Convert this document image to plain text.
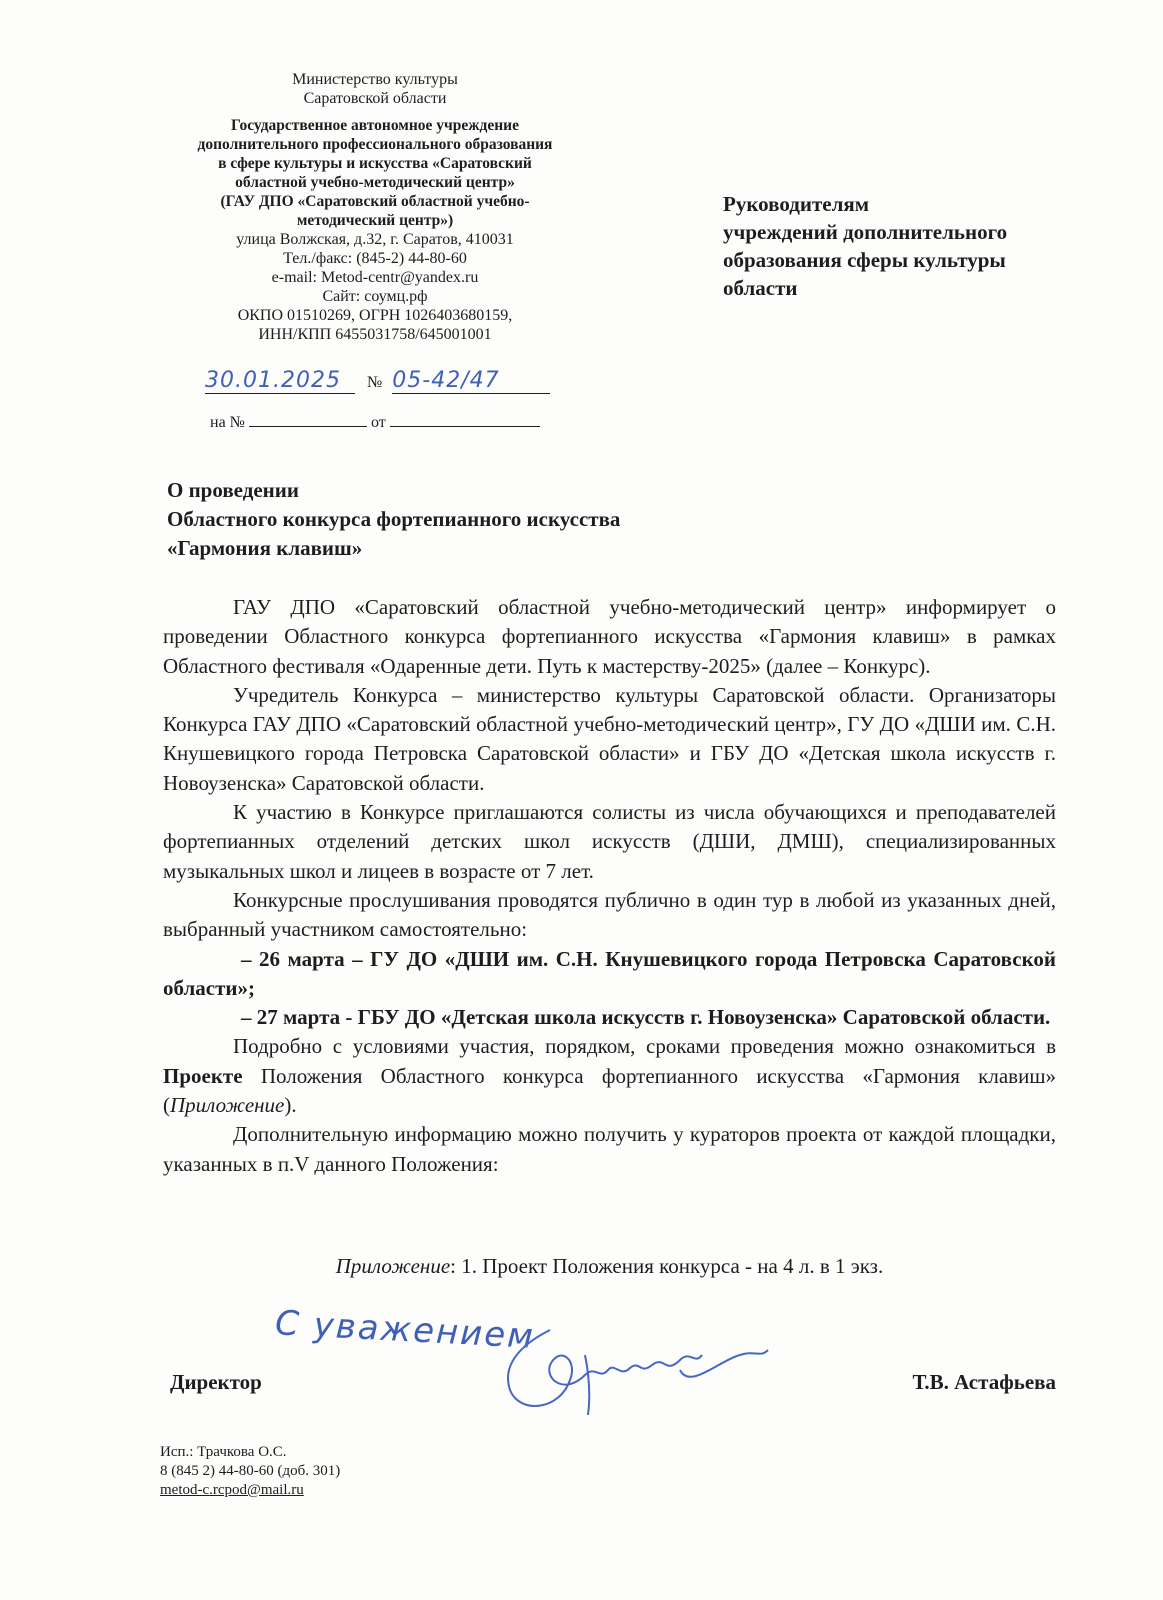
Министерство культуры
Саратовской области
Государственное автономное учреждение
дополнительного профессионального образования
в сфере культуры и искусства «Саратовский
областной учебно-методический центр»
(ГАУ ДПО «Саратовский областной учебно-
методический центр»)
улица Волжская, д.32, г. Саратов, 410031
Тел./факс: (845-2) 44-80-60
e-mail: Metod-centr@yandex.ru
Сайт: соумц.рф
ОКПО 01510269, ОГРН 1026403680159,
ИНН/КПП 6455031758/645001001
30.01.2025 № 05-42/47
на №	от
Руководителям
учреждений дополнительного
образования сферы культуры
области
О проведении
Областного конкурса фортепианного искусства
«Гармония клавиш»

ГАУ ДПО «Саратовский областной учебно-методический центр» информирует о проведении Областного конкурса фортепианного искусства «Гармония клавиш» в рамках Областного фестиваля «Одаренные дети. Путь к мастерству-2025» (далее – Конкурс).

Учредитель Конкурса – министерство культуры Саратовской области. Организаторы Конкурса ГАУ ДПО «Саратовский областной учебно-методический центр», ГУ ДО «ДШИ им. С.Н. Кнушевицкого города Петровска Саратовской области» и ГБУ ДО «Детская школа искусств г. Новоузенска» Саратовской области.

К участию в Конкурсе приглашаются солисты из числа обучающихся и преподавателей фортепианных отделений детских школ искусств (ДШИ, ДМШ), специализированных музыкальных школ и лицеев в возрасте от 7 лет.

Конкурсные прослушивания проводятся публично в один тур в любой из указанных дней, выбранный участником самостоятельно:

– 26 марта – ГУ ДО «ДШИ им. С.Н. Кнушевицкого города Петровска Саратовской области»;

– 27 марта - ГБУ ДО «Детская школа искусств г. Новоузенска» Саратовской области.

Подробно с условиями участия, порядком, сроками проведения можно ознакомиться в Проекте Положения Областного конкурса фортепианного искусства «Гармония клавиш» (Приложение).

Дополнительную информацию можно получить у кураторов проекта от каждой площадки, указанных в п.V данного Положения:

Приложение: 1. Проект Положения конкурса - на 4 л. в 1 экз.
С уважением
Директор	Т.В. Астафьева
Исп.: Трачкова О.С.
8 (845 2) 44-80-60 (доб. 301)
metod-c.rcpod@mail.ru
